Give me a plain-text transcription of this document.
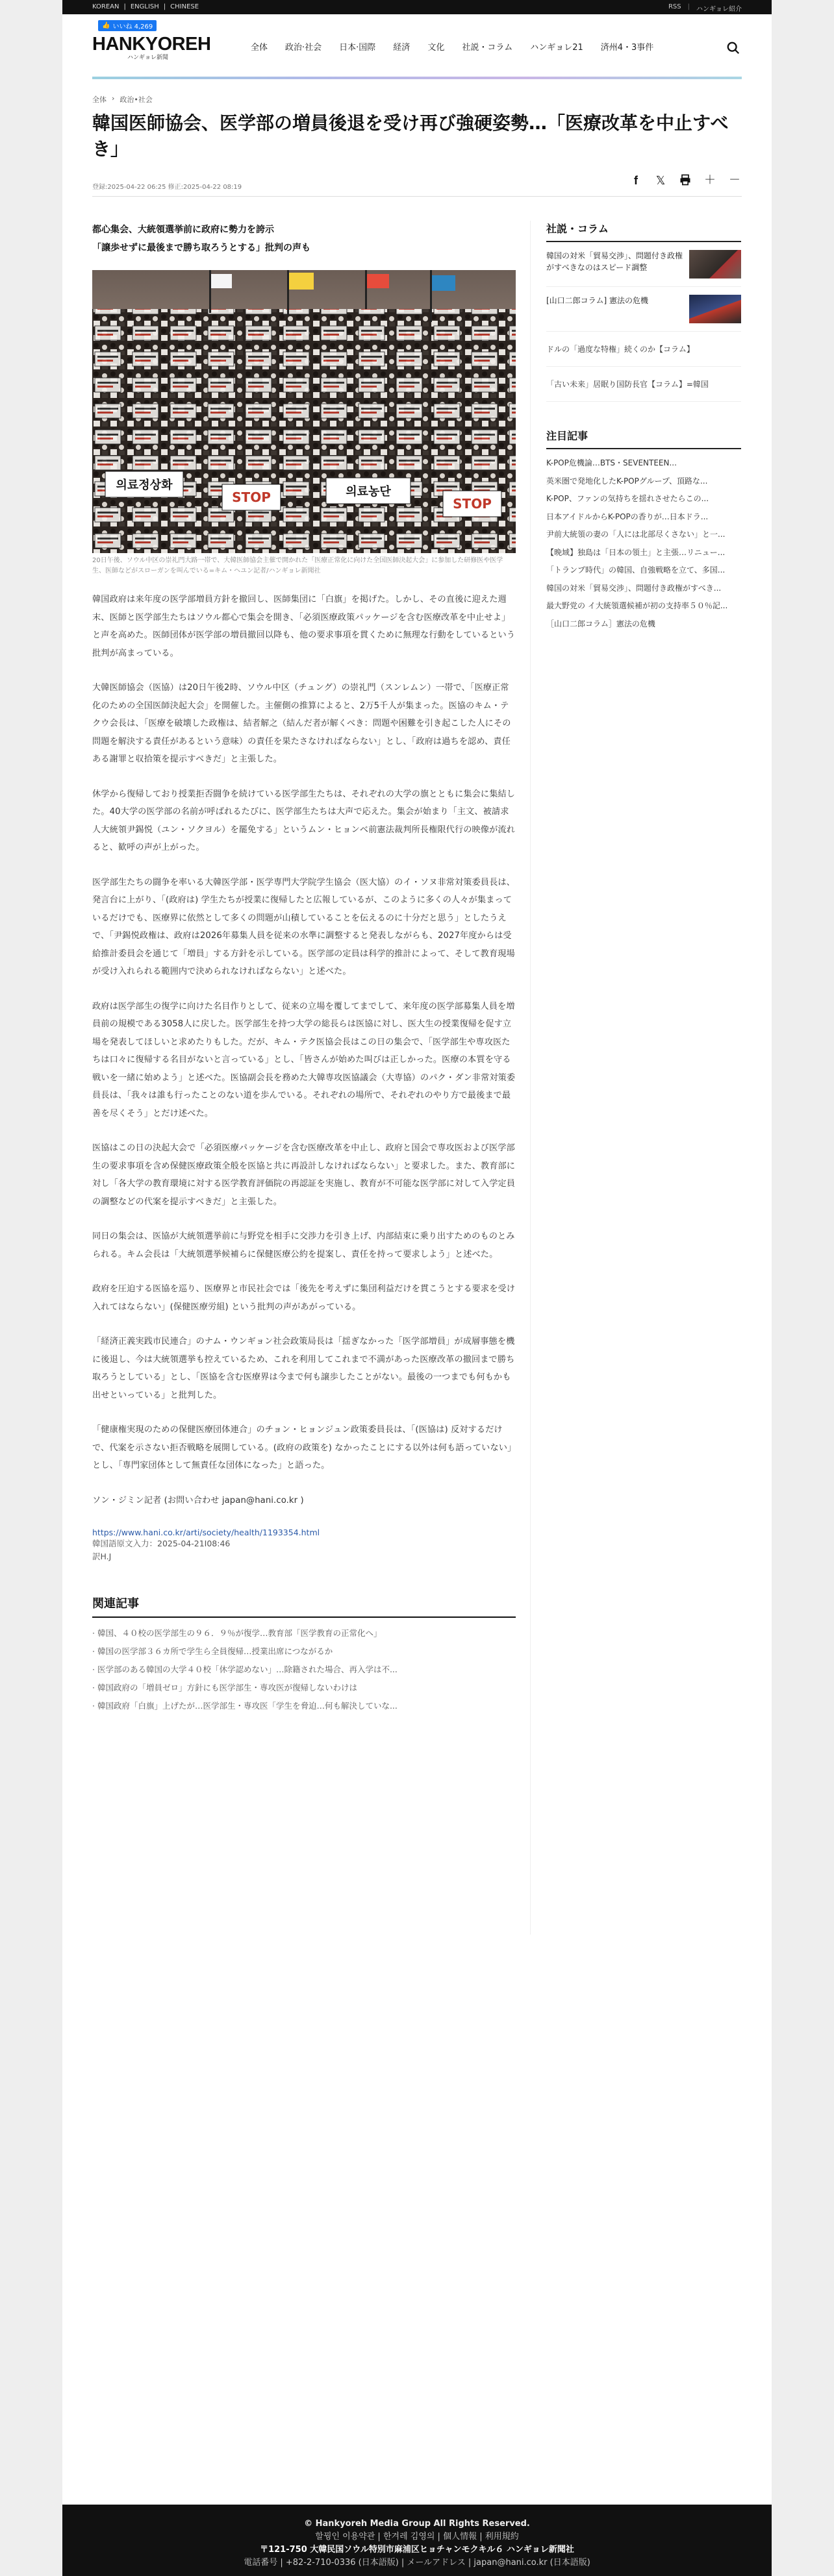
KOREAN | ENGLISH | CHINESE	RSS | ハンギョレ紹介
👍 いいね 4,269
HANKYOREH
ハンギョレ新聞
全体 政治·社会 日本·国際 経済 文化 社説・コラム ハンギョレ21 済州4・3事件
全体 › 政治•社会
韓国医師協会、医学部の増員後退を受け再び強硬姿勢…「医療改革を中止すべき」
登録:2025-04-22 06:25 修正:2025-04-22 08:19
f	𝕏	＋ －
都心集会、大統領選挙前に政府に勢力を誇示
「譲歩せずに最後まで勝ち取ろうとする」批判の声も
의료정상화
STOP	의료농단
STOP
20日午後、ソウル中区の崇礼門大路一帯で、大韓医師協会主催で開かれた「医療正常化に向けた全国医師決起大会」に参加した研修医や医学生、医師などがスローガンを叫んでいる=キム・ヘユン記者/ハンギョレ新聞社

韓国政府は来年度の医学部増員方針を撤回し、医師集団に「白旗」を掲げた。しかし、その直後に迎えた週末、医師と医学部生たちはソウル都心で集会を開き、「必須医療政策パッケージを含む医療改革を中止せよ」と声を高めた。医師団体が医学部の増員撤回以降も、他の要求事項を貫くために無理な行動をしているという批判が高まっている。

大韓医師協会（医協）は20日午後2時、ソウル中区（チュング）の崇礼門（スンレムン）一帯で、「医療正常化のための全国医師決起大会」を開催した。主催側の推算によると、2万5千人が集まった。医協のキム・テクウ会長は、「医療を破壊した政権は、結者解之（結んだ者が解くべき：問題や困難を引き起こした人にその問題を解決する責任があるという意味）の責任を果たさなければならない」とし、「政府は過ちを認め、責任ある謝罪と収拾策を提示すべきだ」と主張した。

休学から復帰しており授業拒否闘争を続けている医学部生たちは、それぞれの大学の旗とともに集会に集結した。40大学の医学部の名前が呼ばれるたびに、医学部生たちは大声で応えた。集会が始まり「主文、被請求人大統領尹錫悦（ユン・ソクヨル）を罷免する」というムン・ヒョンベ前憲法裁判所長権限代行の映像が流れると、歓呼の声が上がった。

医学部生たちの闘争を率いる大韓医学部・医学専門大学院学生協会（医大協）のイ・ソヌ非常対策委員長は、発言台に上がり、「(政府は) 学生たちが授業に復帰したと広報しているが、このように多くの人々が集まっているだけでも、医療界に依然として多くの問題が山積していることを伝えるのに十分だと思う」としたうえで、「尹錫悦政権は、政府は2026年募集人員を従来の水準に調整すると発表しながらも、2027年度からは受給推計委員会を通じて「増員」する方針を示している。医学部の定員は科学的推計によって、そして教育現場が受け入れられる範囲内で決められなければならない」と述べた。

政府は医学部生の復学に向けた名目作りとして、従来の立場を覆してまでして、来年度の医学部募集人員を増員前の規模である3058人に戻した。医学部生を持つ大学の総長らは医協に対し、医大生の授業復帰を促す立場を発表してほしいと求めたりもした。だが、キム・テク医協会長はこの日の集会で、「医学部生や専攻医たちは口々に復帰する名目がないと言っている」とし、「皆さんが始めた叫びは正しかった。医療の本質を守る戦いを一緒に始めよう」と述べた。医協副会長を務めた大韓専攻医協議会（大専協）のパク・ダン非常対策委員長は、「我々は誰も行ったことのない道を歩んでいる。それぞれの場所で、それぞれのやり方で最後まで最善を尽くそう」とだけ述べた。

医協はこの日の決起大会で「必須医療パッケージを含む医療改革を中止し、政府と国会で専攻医および医学部生の要求事項を含め保健医療政策全般を医協と共に再設計しなければならない」と要求した。また、教育部に対し「各大学の教育環境に対する医学教育評価院の再認証を実施し、教育が不可能な医学部に対して入学定員の調整などの代案を提示すべきだ」と主張した。

同日の集会は、医協が大統領選挙前に与野党を相手に交渉力を引き上げ、内部結束に乗り出すためのものとみられる。キム会長は「大統領選挙候補らに保健医療公約を提案し、責任を持って要求しよう」と述べた。

政府を圧迫する医協を巡り、医療界と市民社会では「後先を考えずに集団利益だけを貫こうとする要求を受け入れてはならない」(保健医療労組) という批判の声があがっている。

「経済正義実践市民連合」のナム・ウンギョン社会政策局長は「揺ぎなかった「医学部増員」が成層事態を機に後退し、今は大統領選挙も控えているため、これを利用してこれまで不満があった医療改革の撤回まで勝ち取ろうとしている」とし、「医協を含む医療界は今まで何も譲歩したことがない。最後の一つまでも何もかも出せといっている」と批判した。

「健康権実現のための保健医療団体連合」のチョン・ヒョンジュン政策委員長は、「(医協は) 反対するだけで、代案を示さない拒否戦略を展開している。(政府の政策を) なかったことにする以外は何も語っていない」とし、「専門家団体として無責任な団体になった」と語った。

ソン・ジミン記者 (お問い合わせ japan@hani.co.kr )

https://www.hani.co.kr/arti/society/health/1193354.html
韓国語原文入力：2025-04-21I08:46
訳H.J
関連記事
· 韓国、４０校の医学部生の９６．９％が復学…教育部「医学教育の正常化へ」
· 韓国の医学部３６カ所で学生ら全員復帰…授業出席につながるか
· 医学部のある韓国の大学４０校「休学認めない」…除籍された場合、再入学は不...
· 韓国政府の「増員ゼロ」方針にも医学部生・専攻医が復帰しないわけは
· 韓国政府「白旗」上げたが…医学部生・専攻医「学生を脅迫…何も解決していな...
社説・コラム
韓国の対米「貿易交渉」、問題付き政権がすべきなのはスピード調整
[山口二郎コラム] 憲法の危機
ドルの「過度な特権」続くのか【コラム】
「古い未来」居眠り国防長官【コラム】=韓国
注目記事
K-POP危機論…BTS・SEVENTEEN...
英米圏で発地化したK-POPグループ、頂路な...
K-POP、ファンの気持ちを揺れさせたらこの...
日本アイドルからK-POPの香りが…日本ドラ...
尹前大統領の妻の「人には北部尽くさない」と一...
【晩域】独島は「日本の領土」と主張…リニュー...
「トランプ時代」の韓国、自強戦略を立て、多国...
韓国の対米「貿易交渉」、問題付き政権がすべき...
最大野党の イ大統領選候補が初の支持率５０％記...
［山口二郎コラム］憲法の危機
© Hankyoreh Media Group All Rights Reserved.
할꿩인 이용약관 | 한겨레 김영의 | 個人情報 | 利用規約
〒121-750 大韓民国ソウル特別市麻浦区ヒョチャンモクキル６ ハンギョレ新聞社
電話番号 | +82-2-710-0336 (日本語版) | メールアドレス | japan@hani.co.kr (日本語版)
